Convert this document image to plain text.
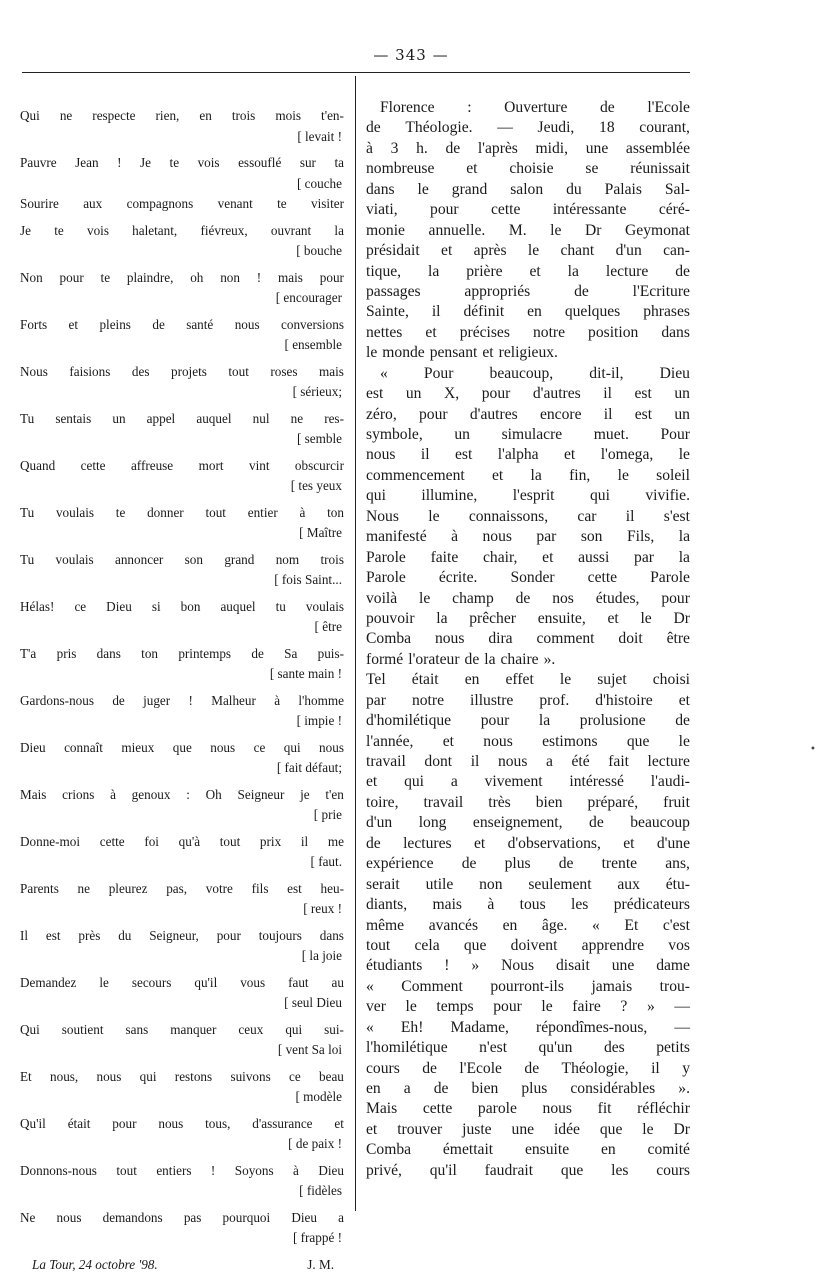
— 343 —
Qui ne respecte rien, en trois mois t'en-
[ levait !
Pauvre Jean ! Je te vois essouflé sur ta
[ couche
Sourire aux compagnons venant te visiter
Je te vois haletant, fiévreux, ouvrant la
[ bouche
Non pour te plaindre, oh non ! mais pour
[ encourager
Forts et pleins de santé nous conversions
[ ensemble
Nous faisions des projets tout roses mais
[ sérieux;
Tu sentais un appel auquel nul ne res-
[ semble
Quand cette affreuse mort vint obscurcir
[ tes yeux
Tu voulais te donner tout entier à ton
[ Maître
Tu voulais annoncer son grand nom trois
[ fois Saint...
Hélas! ce Dieu si bon auquel tu voulais
[ être
T'a pris dans ton printemps de Sa puis-
[ sante main !
Gardons-nous de juger ! Malheur à l'homme
[ impie !
Dieu connaît mieux que nous ce qui nous
[ fait défaut;
Mais crions à genoux : Oh Seigneur je t'en
[ prie
Donne-moi cette foi qu'à tout prix il me
[ faut.
Parents ne pleurez pas, votre fils est heu-
[ reux !
Il est près du Seigneur, pour toujours dans
[ la joie
Demandez le secours qu'il vous faut au
[ seul Dieu
Qui soutient sans manquer ceux qui sui-
[ vent Sa loi
Et nous, nous qui restons suivons ce beau
[ modèle
Qu'il était pour nous tous, d'assurance et
[ de paix !
Donnons-nous tout entiers ! Soyons à Dieu
[ fidèles
Ne nous demandons pas pourquoi Dieu a
[ frappé !
La Tour, 24 octobre '98.	J. M.
Florence : Ouverture de l'Ecole
de Théologie. — Jeudi, 18 courant,
à 3 h. de l'après midi, une assemblée
nombreuse et choisie se réunissait
dans le grand salon du Palais Sal-
viati, pour cette intéressante céré-
monie annuelle. M. le Dr Geymonat
présidait et après le chant d'un can-
tique, la prière et la lecture de
passages	appropriés	de	l'Ecriture
Sainte, il définit en quelques phrases
nettes et précises notre position dans
le monde pensant et religieux.
« Pour beaucoup, dit-il, Dieu
est un X, pour d'autres il est un
zéro, pour d'autres encore il est un
symbole, un simulacre muet. Pour
nous il est l'alpha et l'omega, le
commencement et la fin, le soleil
qui illumine, l'esprit qui vivifie.
Nous le connaissons, car il s'est
manifesté à nous par son Fils, la
Parole faite chair, et aussi par la
Parole écrite. Sonder cette Parole
voilà le champ de nos études, pour
pouvoir la prêcher ensuite, et le Dr
Comba nous dira comment doit être
formé l'orateur de la chaire ».
Tel était en effet le sujet choisi
par notre illustre prof. d'histoire et
d'homilétique pour la prolusione de
l'année, et nous estimons que le
travail dont il nous a été fait lecture
et qui a vivement intéressé l'audi-
toire, travail très bien préparé, fruit
d'un long enseignement, de beaucoup
de lectures et d'observations, et d'une
expérience de plus de trente ans,
serait utile non seulement aux étu-
diants, mais à tous les prédicateurs
même avancés en âge. « Et c'est
tout cela que doivent apprendre vos
étudiants ! » Nous disait une dame
« Comment pourront-ils jamais trou-
ver le temps pour le faire ? » —
« Eh! Madame, répondîmes-nous, —
l'homilétique n'est qu'un des petits
cours de l'Ecole de Théologie, il y
en a de bien plus considérables ».
Mais cette parole nous fit réfléchir
et trouver juste une idée que le Dr
Comba émettait ensuite en comité
privé, qu'il faudrait que les cours
•
